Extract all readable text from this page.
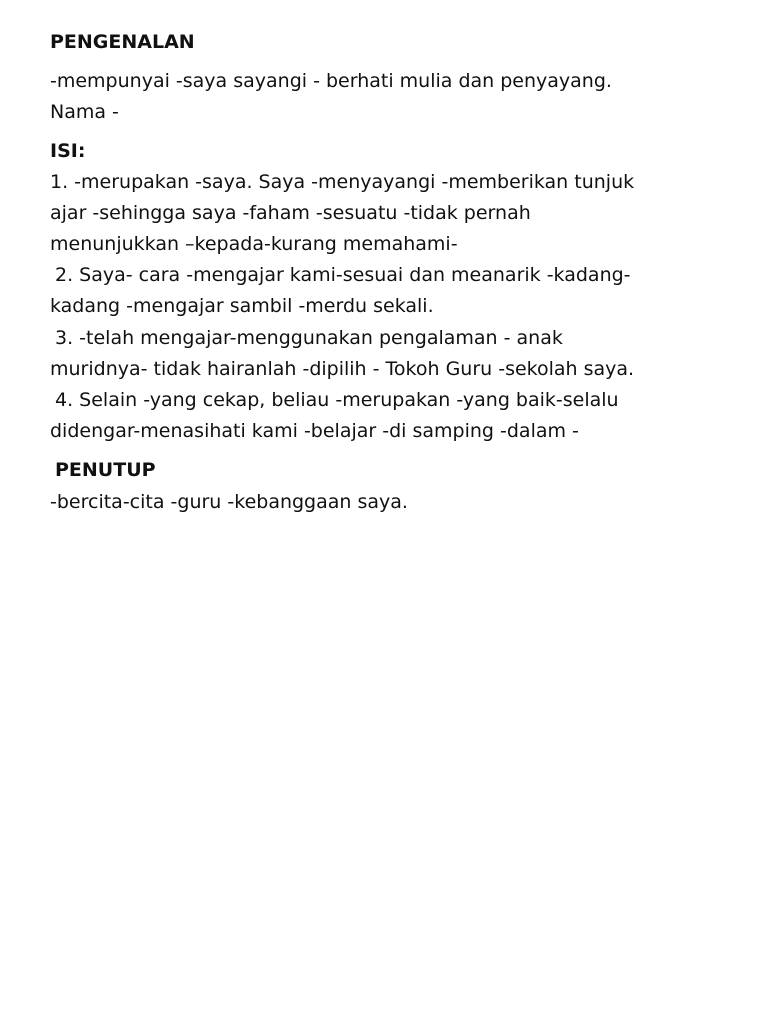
PENGENALAN
-mempunyai -saya sayangi - berhati mulia dan penyayang.
Nama -
ISI:
1. -merupakan -saya. Saya -menyayangi -memberikan tunjuk
ajar -sehingga saya -faham -sesuatu -tidak pernah
menunjukkan –kepada-kurang memahami-
2. Saya- cara -mengajar kami-sesuai dan meanarik -kadang-
kadang -mengajar sambil -merdu sekali.
3. -telah mengajar-menggunakan pengalaman - anak
muridnya- tidak hairanlah -dipilih - Tokoh Guru -sekolah saya.
4. Selain -yang cekap, beliau -merupakan -yang baik-selalu
didengar-menasihati kami -belajar -di samping -dalam -
PENUTUP
-bercita-cita -guru -kebanggaan saya.
